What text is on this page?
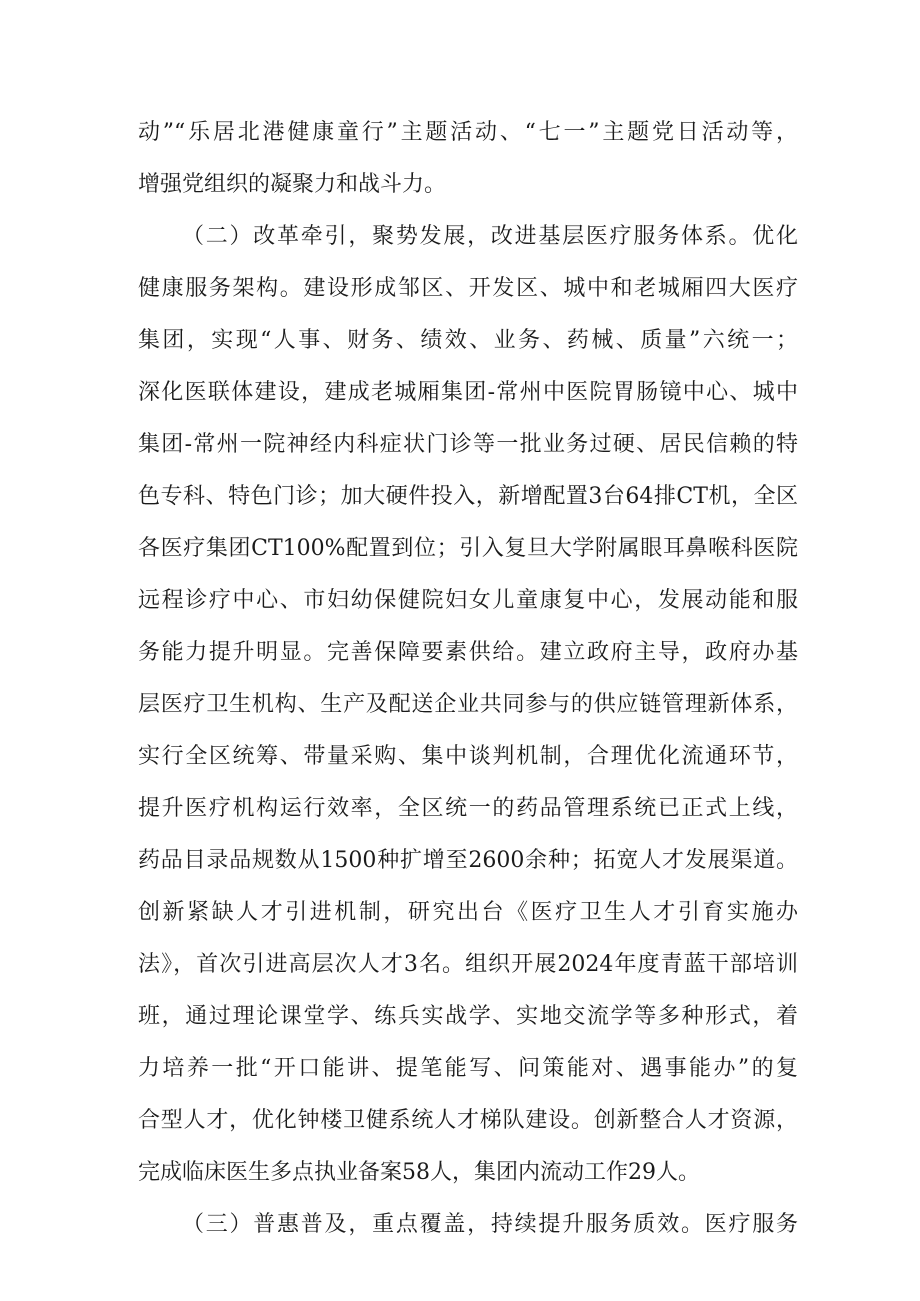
动”“乐居北港健康童行”主题活动、“七一”主题党日活动等，
增强党组织的凝聚力和战斗力。
（二）改革牵引，聚势发展，改进基层医疗服务体系。优化
健康服务架构。建设形成邹区、开发区、城中和老城厢四大医疗
集团，实现“人事、财务、绩效、业务、药械、质量”六统一；
深化医联体建设，建成老城厢集团-常州中医院胃肠镜中心、城中
集团-常州一院神经内科症状门诊等一批业务过硬、居民信赖的特
色专科、特色门诊；加大硬件投入，新增配置3台64排CT机，全区
各医疗集团CT100%配置到位；引入复旦大学附属眼耳鼻喉科医院
远程诊疗中心、市妇幼保健院妇女儿童康复中心，发展动能和服
务能力提升明显。完善保障要素供给。建立政府主导，政府办基
层医疗卫生机构、生产及配送企业共同参与的供应链管理新体系，
实行全区统筹、带量采购、集中谈判机制，合理优化流通环节，
提升医疗机构运行效率，全区统一的药品管理系统已正式上线，
药品目录品规数从1500种扩增至2600余种；拓宽人才发展渠道。
创新紧缺人才引进机制，研究出台《医疗卫生人才引育实施办
法》，首次引进高层次人才3名。组织开展2024年度青蓝干部培训
班，通过理论课堂学、练兵实战学、实地交流学等多种形式，着
力培养一批“开口能讲、提笔能写、问策能对、遇事能办”的复
合型人才，优化钟楼卫健系统人才梯队建设。创新整合人才资源，
完成临床医生多点执业备案58人，集团内流动工作29人。
（三）普惠普及，重点覆盖，持续提升服务质效。医疗服务
